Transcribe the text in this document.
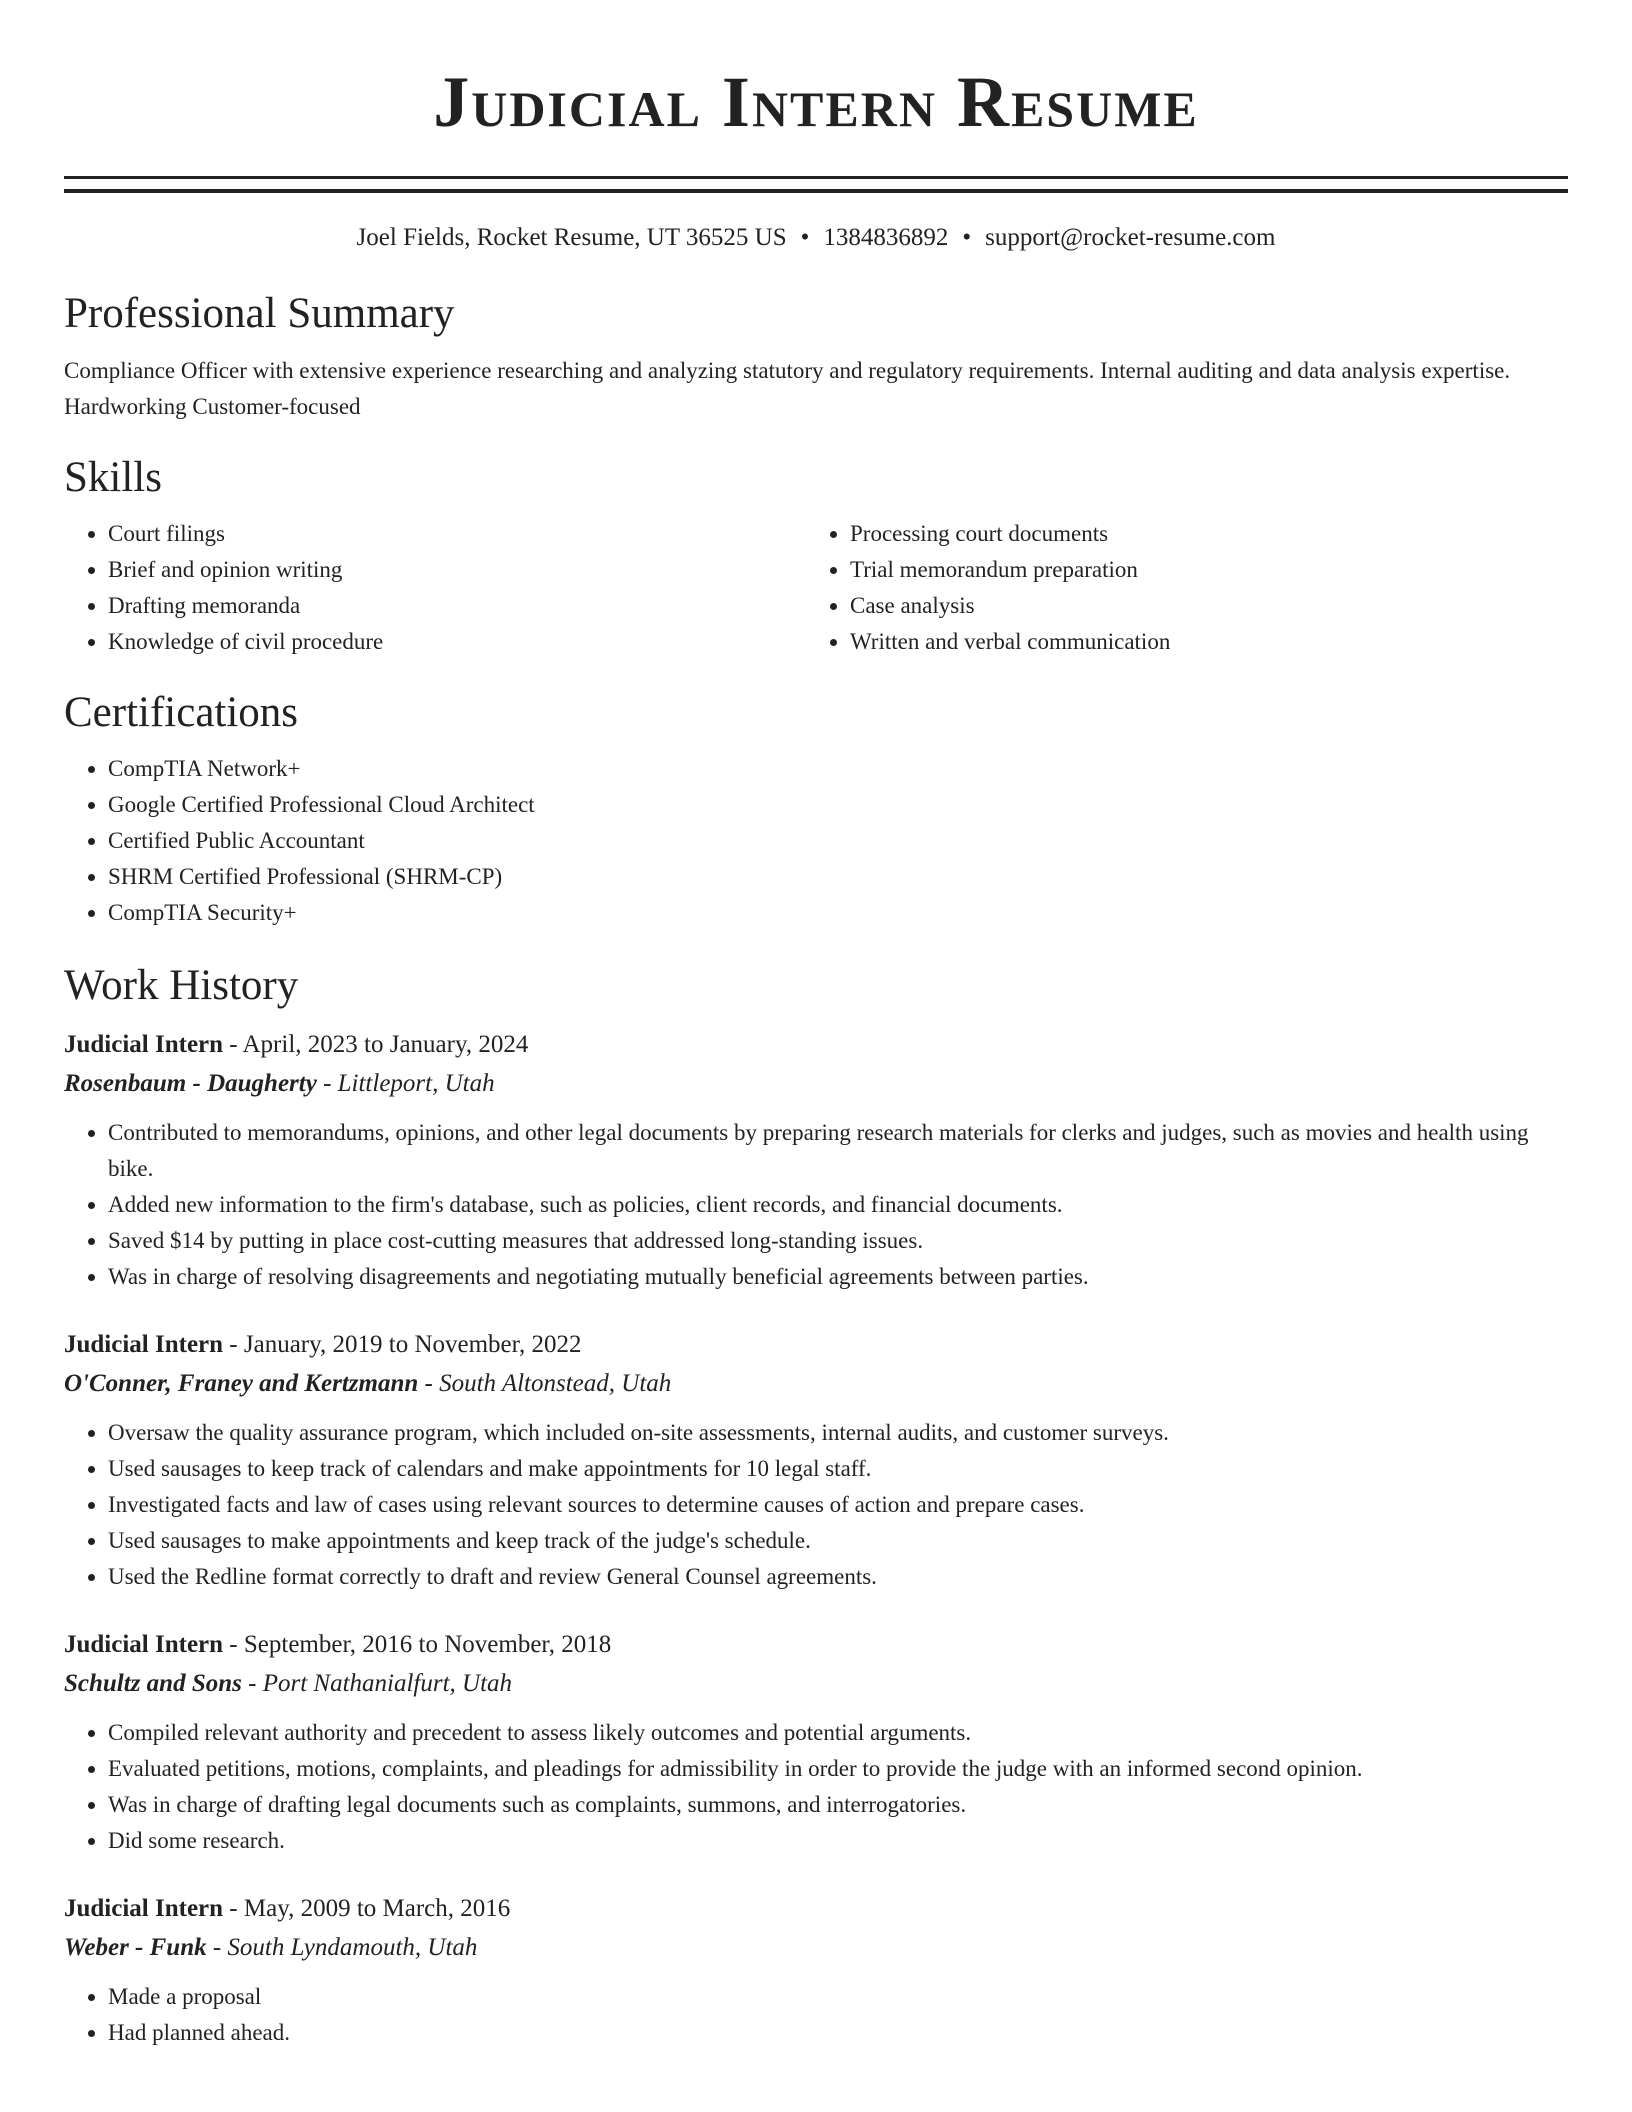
Judicial Intern Resume
Joel Fields, Rocket Resume, UT 36525 US • 1384836892 • support@rocket-resume.com
Professional Summary
Compliance Officer with extensive experience researching and analyzing statutory and regulatory requirements. Internal auditing and data analysis expertise. Hardworking Customer-focused
Skills
• Court filings
• Brief and opinion writing
• Drafting memoranda
• Knowledge of civil procedure
• Processing court documents
• Trial memorandum preparation
• Case analysis
• Written and verbal communication
Certifications
• CompTIA Network+
• Google Certified Professional Cloud Architect
• Certified Public Accountant
• SHRM Certified Professional (SHRM-CP)
• CompTIA Security+
Work History
Judicial Intern - April, 2023 to January, 2024
Rosenbaum - Daugherty - Littleport, Utah
• Contributed to memorandums, opinions, and other legal documents by preparing research materials for clerks and judges, such as movies and health using bike.
• Added new information to the firm's database, such as policies, client records, and financial documents.
• Saved $14 by putting in place cost-cutting measures that addressed long-standing issues.
• Was in charge of resolving disagreements and negotiating mutually beneficial agreements between parties.
Judicial Intern - January, 2019 to November, 2022
O'Conner, Franey and Kertzmann - South Altonstead, Utah
• Oversaw the quality assurance program, which included on-site assessments, internal audits, and customer surveys.
• Used sausages to keep track of calendars and make appointments for 10 legal staff.
• Investigated facts and law of cases using relevant sources to determine causes of action and prepare cases.
• Used sausages to make appointments and keep track of the judge's schedule.
• Used the Redline format correctly to draft and review General Counsel agreements.
Judicial Intern - September, 2016 to November, 2018
Schultz and Sons - Port Nathanialfurt, Utah
• Compiled relevant authority and precedent to assess likely outcomes and potential arguments.
• Evaluated petitions, motions, complaints, and pleadings for admissibility in order to provide the judge with an informed second opinion.
• Was in charge of drafting legal documents such as complaints, summons, and interrogatories.
• Did some research.
Judicial Intern - May, 2009 to March, 2016
Weber - Funk - South Lyndamouth, Utah
• Made a proposal
• Had planned ahead.
